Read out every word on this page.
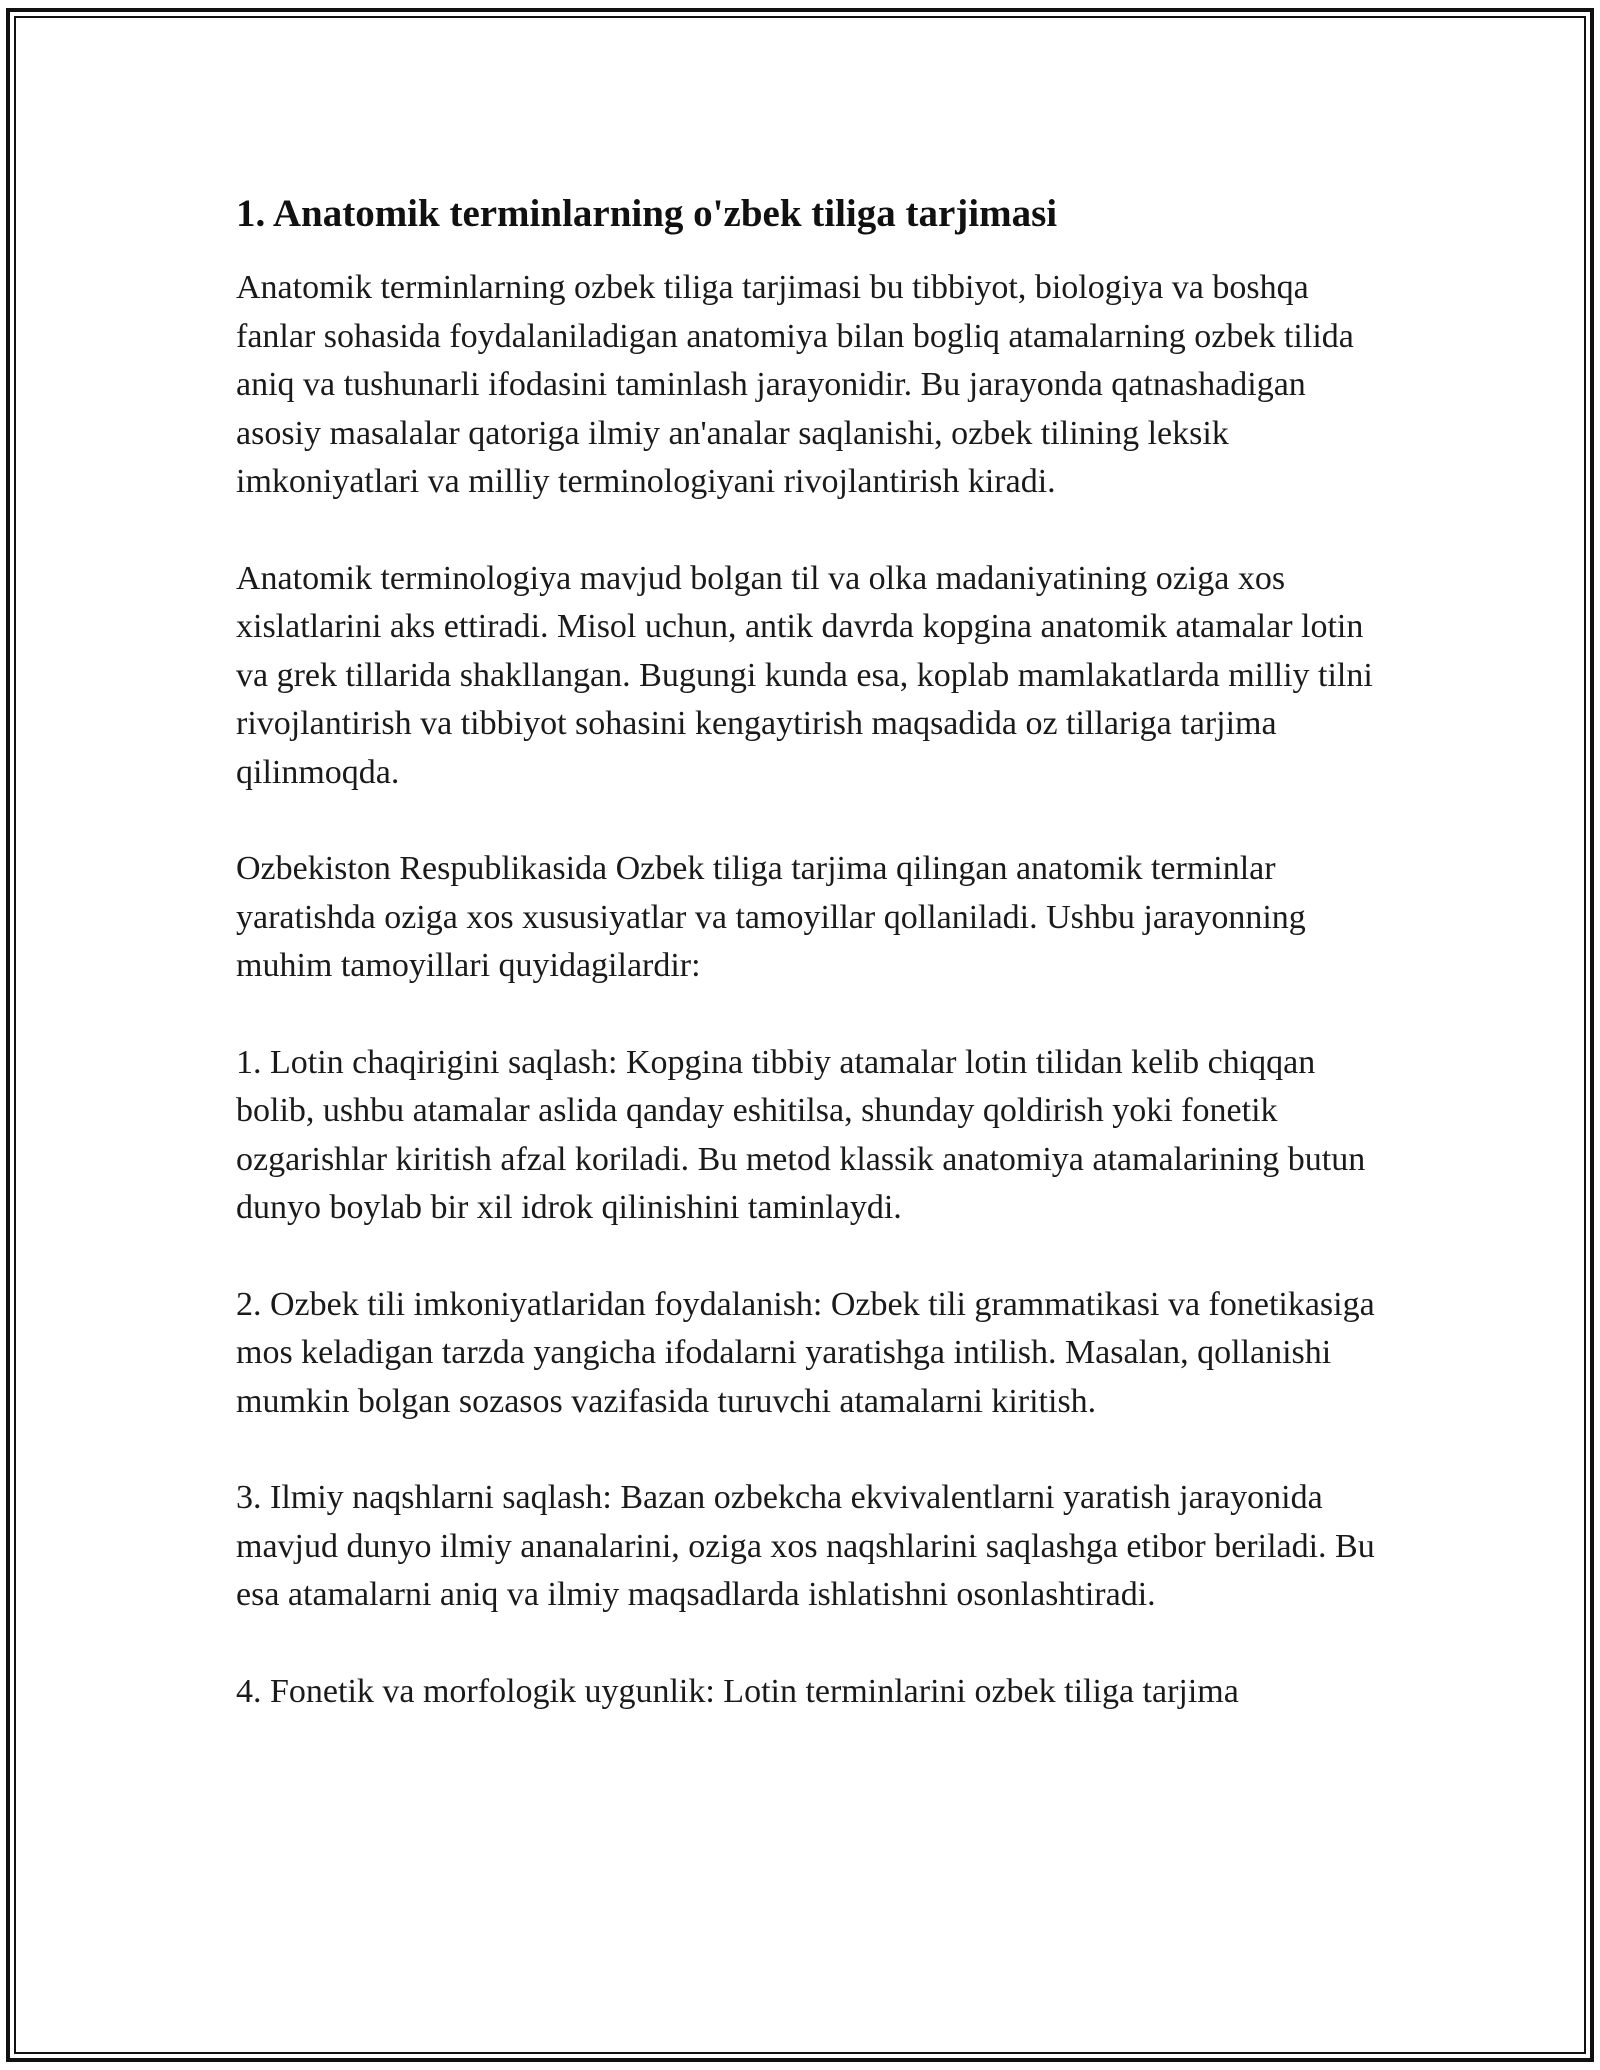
1. Anatomik terminlarning o'zbek tiliga tarjimasi

Anatomik terminlarning ozbek tiliga tarjimasi bu tibbiyot, biologiya va boshqa fanlar sohasida foydalaniladigan anatomiya bilan bogliq atamalarning ozbek tilida aniq va tushunarli ifodasini taminlash jarayonidir. Bu jarayonda qatnashadigan asosiy masalalar qatoriga ilmiy an'analar saqlanishi, ozbek tilining leksik imkoniyatlari va milliy terminologiyani rivojlantirish kiradi.

Anatomik terminologiya mavjud bolgan til va olka madaniyatining oziga xos xislatlarini aks ettiradi. Misol uchun, antik davrda kopgina anatomik atamalar lotin va grek tillarida shakllangan. Bugungi kunda esa, koplab mamlakatlarda milliy tilni rivojlantirish va tibbiyot sohasini kengaytirish maqsadida oz tillariga tarjima qilinmoqda.

Ozbekiston Respublikasida Ozbek tiliga tarjima qilingan anatomik terminlar yaratishda oziga xos xususiyatlar va tamoyillar qollaniladi. Ushbu jarayonning muhim tamoyillari quyidagilardir:

1. Lotin chaqirigini saqlash: Kopgina tibbiy atamalar lotin tilidan kelib chiqqan bolib, ushbu atamalar aslida qanday eshitilsa, shunday qoldirish yoki fonetik ozgarishlar kiritish afzal koriladi. Bu metod klassik anatomiya atamalarining butun dunyo boylab bir xil idrok qilinishini taminlaydi.

2. Ozbek tili imkoniyatlaridan foydalanish: Ozbek tili grammatikasi va fonetikasiga mos keladigan tarzda yangicha ifodalarni yaratishga intilish. Masalan, qollanishi mumkin bolgan sozasos vazifasida turuvchi atamalarni kiritish.

3. Ilmiy naqshlarni saqlash: Bazan ozbekcha ekvivalentlarni yaratish jarayonida mavjud dunyo ilmiy ananalarini, oziga xos naqshlarini saqlashga etibor beriladi. Bu esa atamalarni aniq va ilmiy maqsadlarda ishlatishni osonlashtiradi.

4. Fonetik va morfologik uygunlik: Lotin terminlarini ozbek tiliga tarjima
